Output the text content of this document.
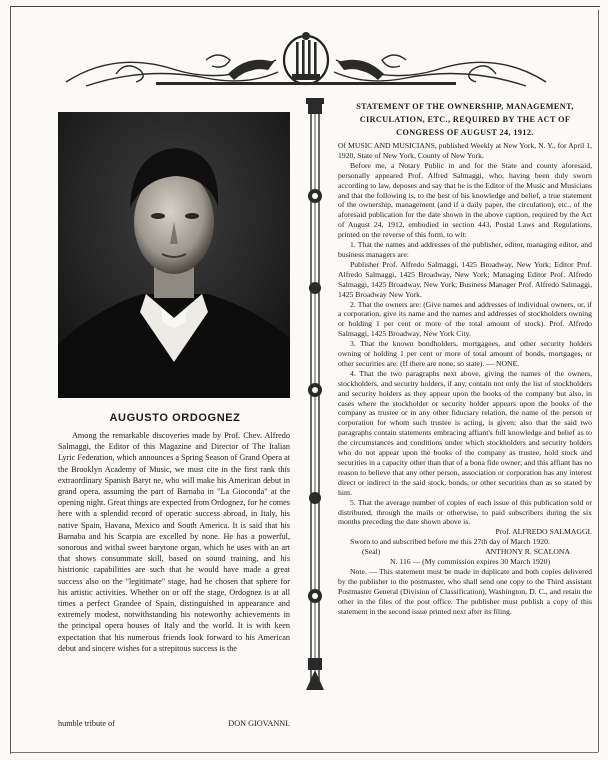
AUGUSTO ORDOGNEZ

Among the remarkable discoveries made by Prof. Chev. Alfredo Salmaggi, the Editor of this Magazine and Director of The Italian Lyric Federation, which announces a Spring Season of Grand Opera at the Brooklyn Academy of Music, we must cite in the first rank this extraordinary Spanish Baryt ne, who will make his American debut in grand opera, assuming the part of Barnaba in "La Gioconda" at the opening night. Great things are expected from Ordognez, for he comes here with a splendid record of operatic success abroad, in Italy, his native Spain, Havana, Mexico and South America. It is said that his Barnaba and his Scarpia are excelled by none. He has a powerful, sonorous and withal sweet barytone organ, which he uses with an art that shows consummate skill, based on sound training, and his histrionic capabilities are such that he would have made a great success also on the "legitimate" stage, had he chosen that sphere for his artistic activities. Whether on or off the stage, Ordognez is at all times a perfect Grandee of Spain, distinguished in appearance and extremely modest, notwithstanding his noteworthy achievements in the principal opera houses of Italy and the world. It is with keen expectation that his numerous friends look forward to his American debut and sincere wishes for a strepitous success is the

humble tribute of	DON GIOVANNI.
STATEMENT OF THE OWNERSHIP, MANAGEMENT, CIRCULATION, ETC., REQUIRED BY THE ACT OF CONGRESS OF AUGUST 24, 1912.

Of MUSIC AND MUSICIANS, published Weekly at New York, N. Y., for April 1, 1920, State of New York, County of New York.

Before me, a Notary Public in and for the State and county aforesaid, personally appeared Prof. Alfred Salmaggi, who, having been duly sworn according to law, deposes and say that he is the Editor of the Music and Musicians and that the following is, to the best of his knowledge and belief, a true statement of the ownership, management (and if a daily paper, the circulation), etc., of the aforesaid publication for the date shown in the above caption, required by the Act of August 24, 1912, embodied in section 443, Postal Laws and Regulations, printed on the reverse of this form, to wit:

1. That the names and addresses of the publisher, editor, managing editor, and business managers are:

Publisher Prof. Alfredo Salmaggi, 1425 Broadway, New York; Editor Prof. Alfredo Salmaggi, 1425 Broadway, New York; Managing Editor Prof. Alfredo Salmaggi, 1425 Broadway, New York; Business Manager Prof. Alfredo Salmaggi, 1425 Broadway New York.

2. That the owners are: (Give names and addresses of individual owners, or, if a corporation, give its name and the names and addresses of stockholders owning or holding 1 per cent or more of the total amount of stock). Prof. Alfredo Salmaggi, 1425 Broadway, New York City.

3. That the known bondholders, mortgagees, and other security holders owning or holding 1 per cent or more of total amount of bonds, mortgages, or other securities are: (If there are none, so state). — NONE.

4. That the two paragraphs next above, giving the names of the owners, stockholders, and security holders, if any, contain not only the list of stockholders and security holders as they appear upon the books of the company but also, in cases where the stockholder or security holder appears upon the books of the company as trustee or in any other fiduciary relation, the name of the person or corporation for whom such trustee is acting, is given; also that the said two paragraphs contain statements embracing affiant's full knowledge and belief as to the circumstances and conditions under which stockholders and security holders who do not appear upon the books of the company as trustee, hold stock and securities in a capacity other than that of a bona fide owner; and this affiant has no reason to believe that any other person, association or corporation has any interest direct or indirect in the said stock, bonds, or other securities than as so stated by him.

5. That the average number of copies of each issue of this publication sold or distributed, through the mails or otherwise, to paid subscribers during the six months preceding the date shown above is.

Prof. ALFREDO SALMAGGI.

Sworn to and subscribed before me this 27th day of March 1920.

(Seal)	ANTHONY R. SCALONA

N. 116 — (My commission expires 30 March 1920)

Note. — This statement must be made in duplicate and both copies delivered by the publisher to the postmaster, who shall send one copy to the Third assistant Postmaster General (Division of Classification), Washington, D. C., and retain the other in the files of the post office. The publisher must publish a copy of this statement in the second issue printed next after its filing.
